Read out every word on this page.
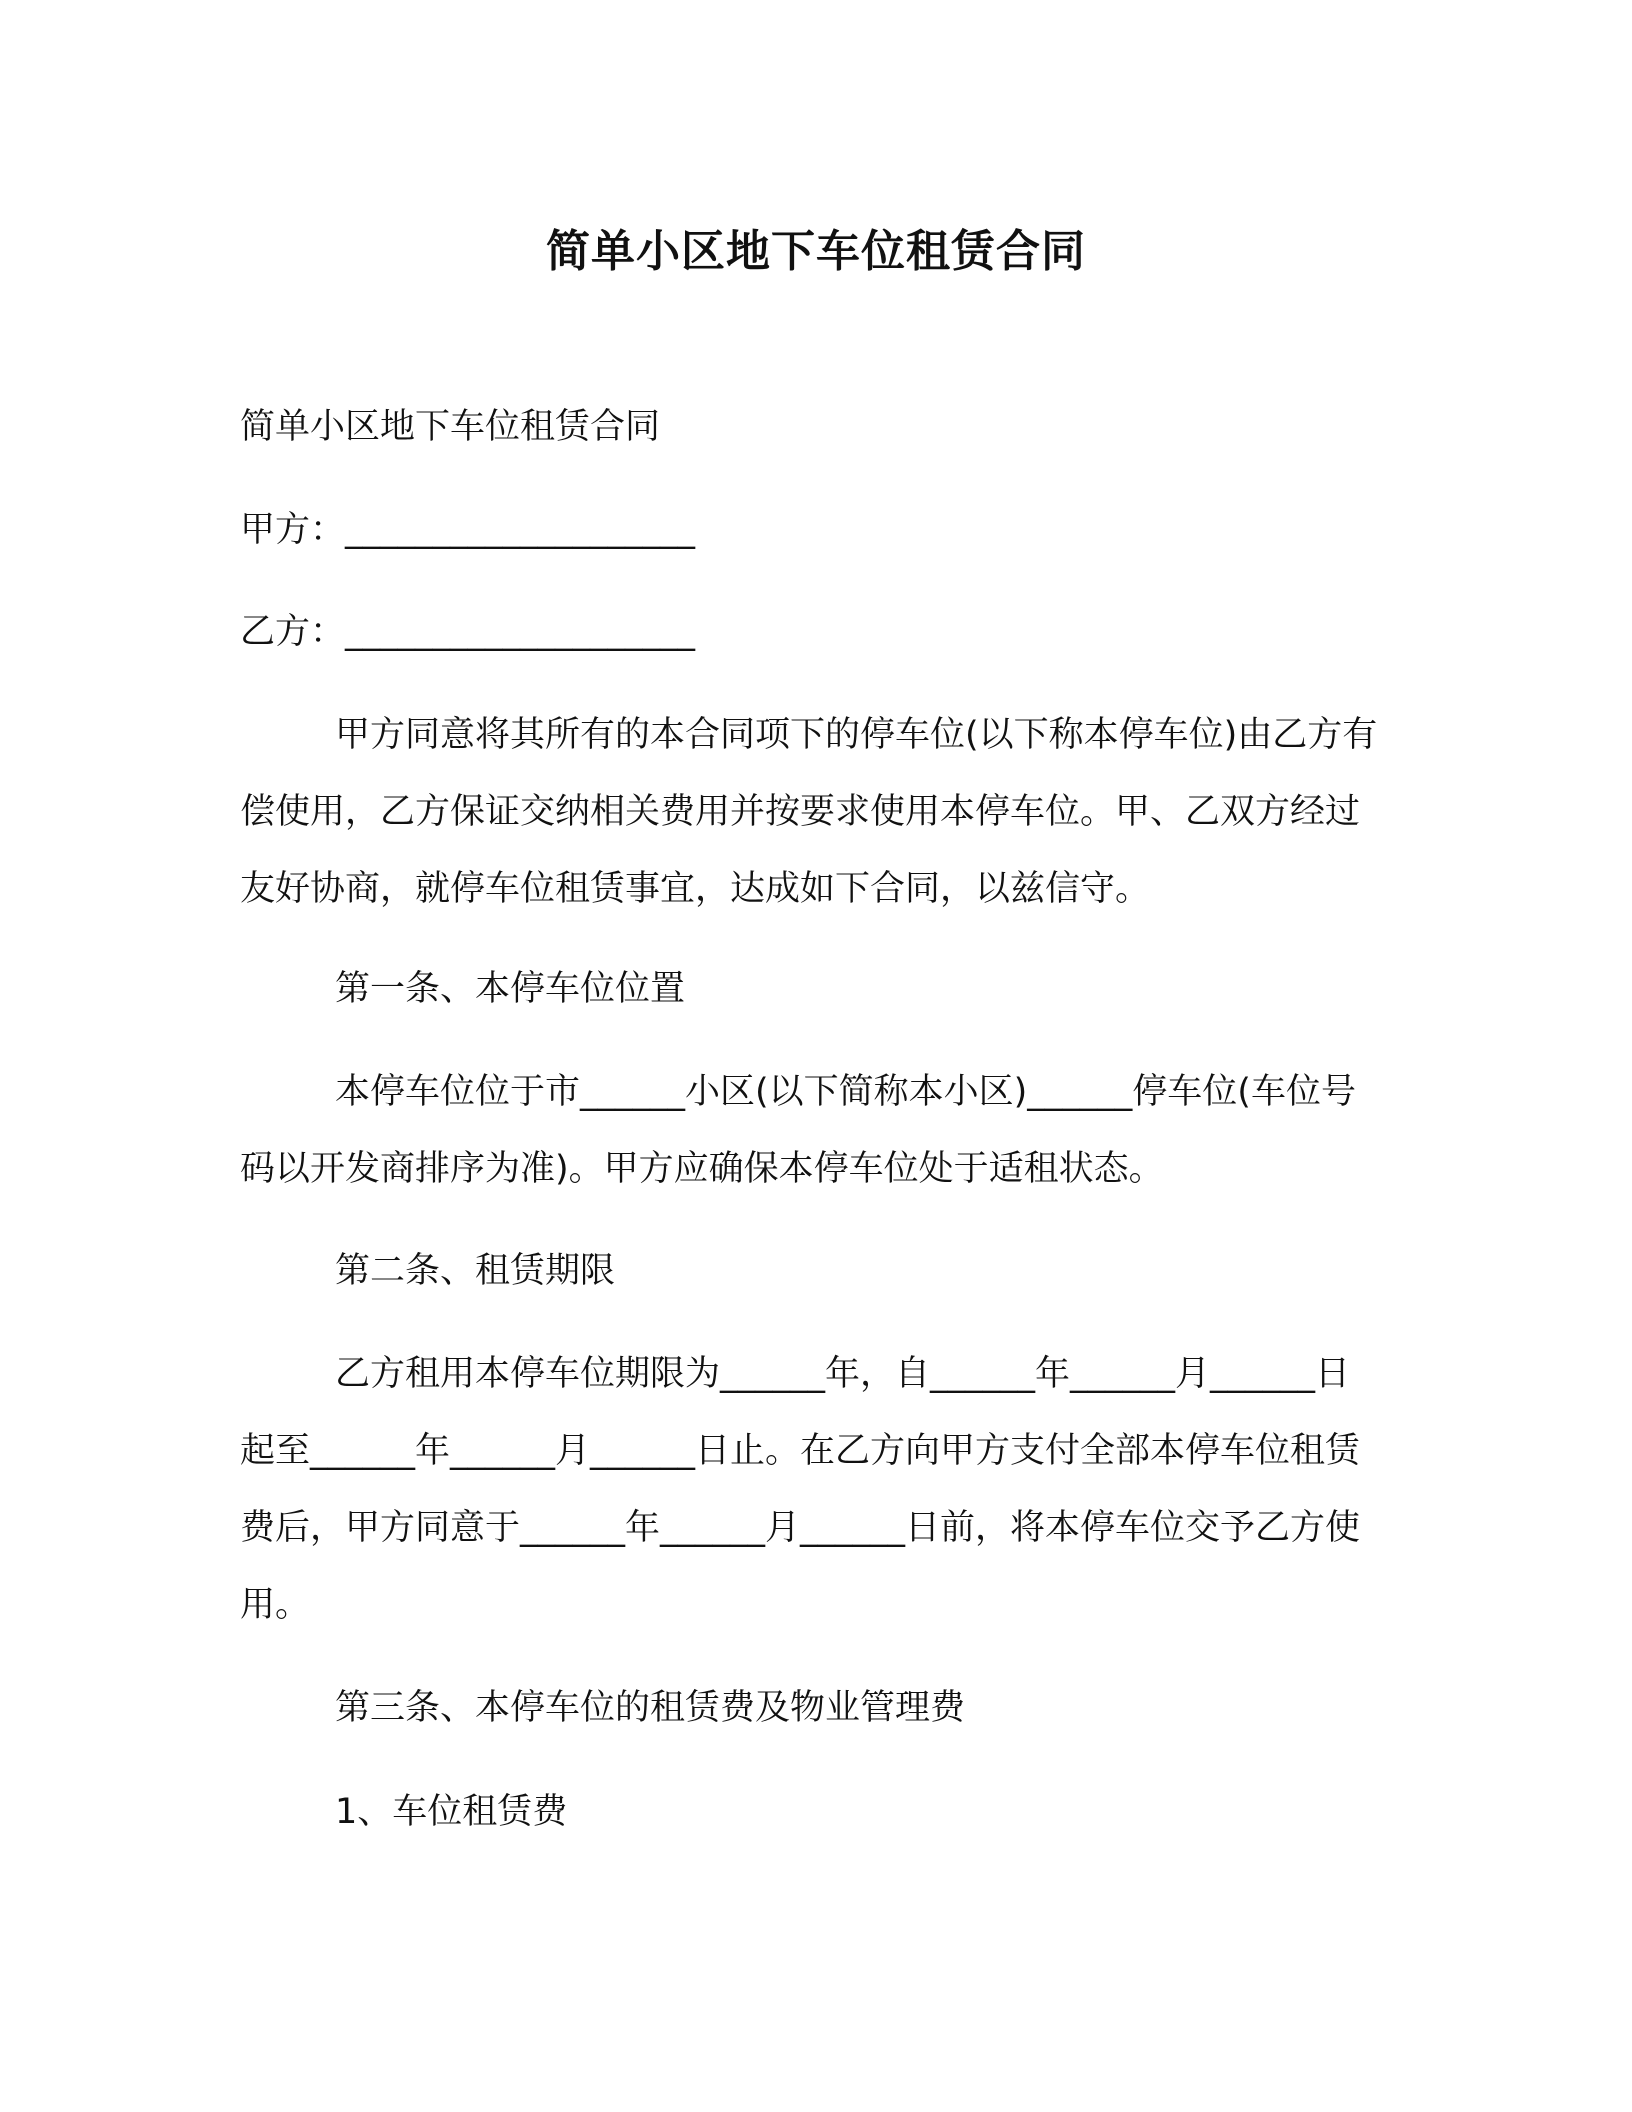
简单小区地下车位租赁合同

简单小区地下车位租赁合同

甲方：____________________

乙方：____________________

甲方同意将其所有的本合同项下的停车位(以下称本停车位)由乙方有偿使用，乙方保证交纳相关费用并按要求使用本停车位。甲、乙双方经过友好协商，就停车位租赁事宜，达成如下合同，以兹信守。

第一条、本停车位位置

本停车位位于市______小区(以下简称本小区)______停车位(车位号码以开发商排序为准)。甲方应确保本停车位处于适租状态。

第二条、租赁期限

乙方租用本停车位期限为______年，自______年______月______日起至______年______月______日止。在乙方向甲方支付全部本停车位租赁费后，甲方同意于______年______月______日前，将本停车位交予乙方使用。

第三条、本停车位的租赁费及物业管理费

1、车位租赁费
